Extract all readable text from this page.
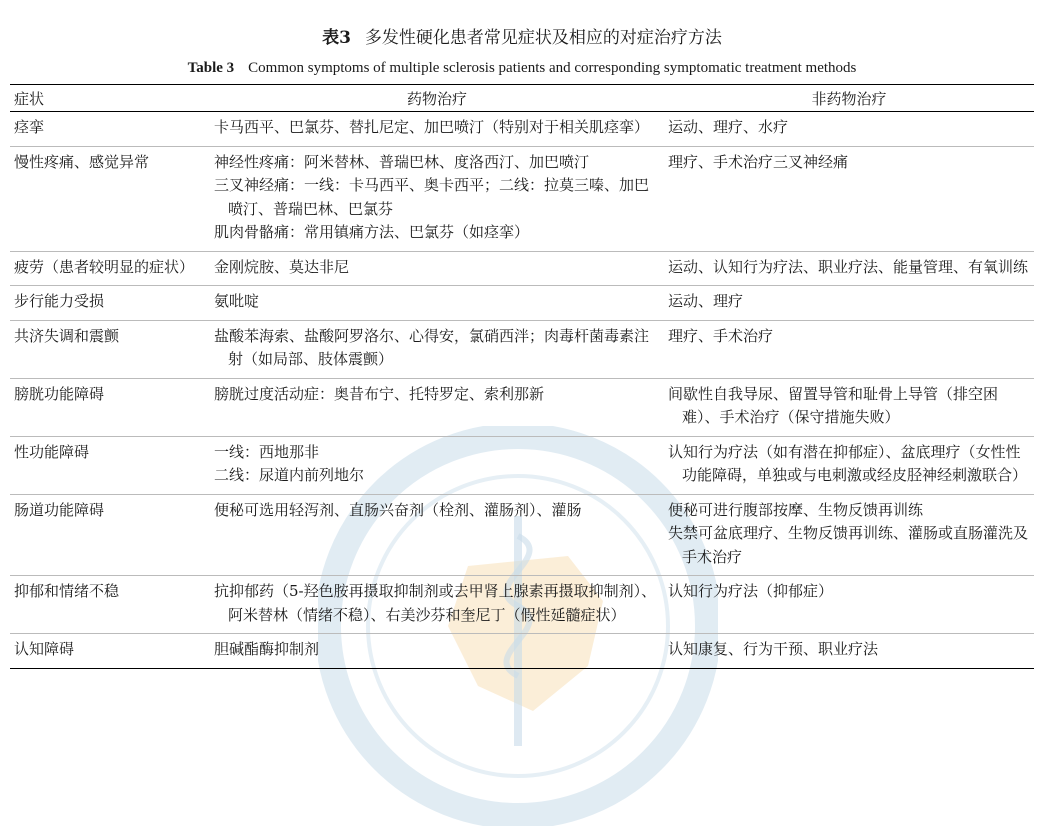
表3 多发性硬化患者常见症状及相应的对症治疗方法
Table 3 Common symptoms of multiple sclerosis patients and corresponding symptomatic treatment methods
症状	药物治疗	非药物治疗
痉挛	卡马西平、巴氯芬、替扎尼定、加巴喷汀（特别对于相关肌痉挛）	运动、理疗、水疗

慢性疼痛、感觉异常	神经性疼痛：阿米替林、普瑞巴林、度洛西汀、加巴喷汀
三叉神经痛：一线：卡马西平、奥卡西平；二线：拉莫三嗪、加巴喷汀、普瑞巴林、巴氯芬
肌肉骨骼痛：常用镇痛方法、巴氯芬（如痉挛）	理疗、手术治疗三叉神经痛

疲劳（患者较明显的症状）	金刚烷胺、莫达非尼	运动、认知行为疗法、职业疗法、能量管理、有氧训练

步行能力受损	氨吡啶	运动、理疗

共济失调和震颤	盐酸苯海索、盐酸阿罗洛尔、心得安，氯硝西泮；肉毒杆菌毒素注射（如局部、肢体震颤）	理疗、手术治疗

膀胱功能障碍	膀胱过度活动症：奥昔布宁、托特罗定、索利那新	间歇性自我导尿、留置导管和耻骨上导管（排空困难）、手术治疗（保守措施失败）

性功能障碍	一线：西地那非
二线：尿道内前列地尔	认知行为疗法（如有潜在抑郁症）、盆底理疗（女性性功能障碍，单独或与电刺激或经皮胫神经刺激联合）

肠道功能障碍	便秘可选用轻泻剂、直肠兴奋剂（栓剂、灌肠剂）、灌肠	便秘可进行腹部按摩、生物反馈再训练
失禁可盆底理疗、生物反馈再训练、灌肠或直肠灌洗及手术治疗

抑郁和情绪不稳	抗抑郁药（5-羟色胺再摄取抑制剂或去甲肾上腺素再摄取抑制剂）、阿米替林（情绪不稳）、右美沙芬和奎尼丁（假性延髓症状）	认知行为疗法（抑郁症）

认知障碍	胆碱酯酶抑制剂	认知康复、行为干预、职业疗法
